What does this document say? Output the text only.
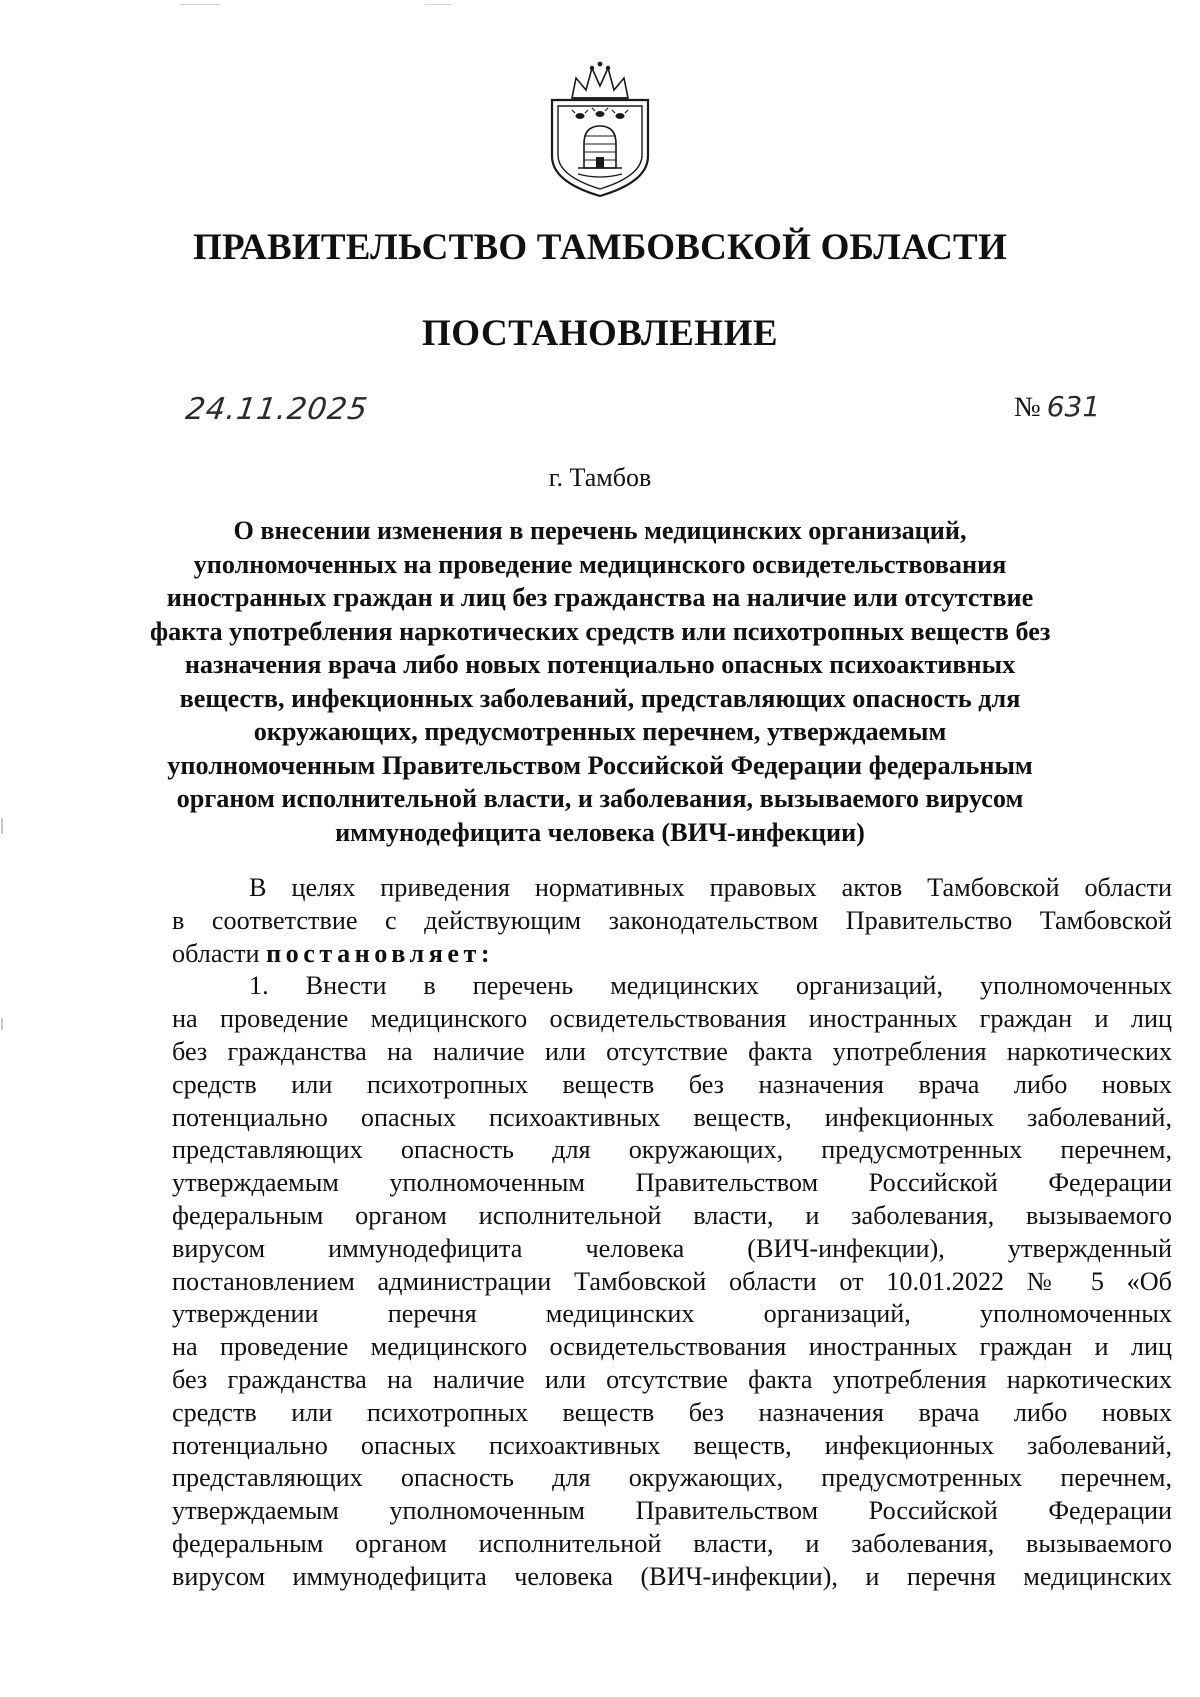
ПРАВИТЕЛЬСТВО ТАМБОВСКОЙ ОБЛАСТИ
ПОСТАНОВЛЕНИЕ
24.11.2025	№ 631
г. Тамбов
О внесении изменения в перечень медицинских организаций,
уполномоченных на проведение медицинского освидетельствования
иностранных граждан и лиц без гражданства на наличие или отсутствие
факта употребления наркотических средств или психотропных веществ без
назначения врача либо новых потенциально опасных психоактивных
веществ, инфекционных заболеваний, представляющих опасность для
окружающих, предусмотренных перечнем, утверждаемым
уполномоченным Правительством Российской Федерации федеральным
органом исполнительной власти, и заболевания, вызываемого вирусом
иммунодефицита человека (ВИЧ-инфекции)
В целях приведения нормативных правовых актов Тамбовской области
в соответствие с действующим законодательством Правительство Тамбовской
области постановляет:
1. Внести в перечень медицинских организаций, уполномоченных
на проведение медицинского освидетельствования иностранных граждан и лиц
без гражданства на наличие или отсутствие факта употребления наркотических
средств или психотропных веществ без назначения врача либо новых
потенциально опасных психоактивных веществ, инфекционных заболеваний,
представляющих опасность для окружающих, предусмотренных перечнем,
утверждаемым уполномоченным Правительством Российской Федерации
федеральным органом исполнительной власти, и заболевания, вызываемого
вирусом иммунодефицита человека (ВИЧ-инфекции), утвержденный
постановлением администрации Тамбовской области от 10.01.2022 № 5 «Об
утверждении перечня медицинских организаций, уполномоченных
на проведение медицинского освидетельствования иностранных граждан и лиц
без гражданства на наличие или отсутствие факта употребления наркотических
средств или психотропных веществ без назначения врача либо новых
потенциально опасных психоактивных веществ, инфекционных заболеваний,
представляющих опасность для окружающих, предусмотренных перечнем,
утверждаемым уполномоченным Правительством Российской Федерации
федеральным органом исполнительной власти, и заболевания, вызываемого
вирусом иммунодефицита человека (ВИЧ-инфекции), и перечня медицинских
